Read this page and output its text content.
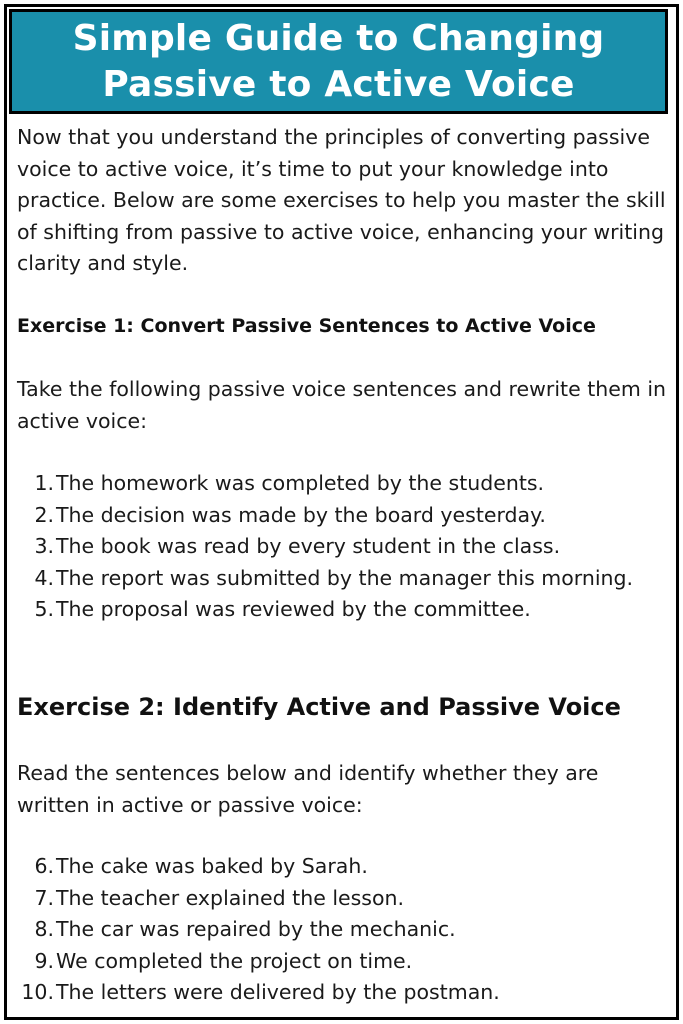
Simple Guide to Changing
Passive to Active Voice

Now that you understand the principles of converting passive voice to active voice, it’s time to put your knowledge into practice. Below are some exercises to help you master the skill of shifting from passive to active voice, enhancing your writing clarity and style.

Exercise 1: Convert Passive Sentences to Active Voice

Take the following passive voice sentences and rewrite them in active voice:

1. The homework was completed by the students.
2. The decision was made by the board yesterday.
3. The book was read by every student in the class.
4. The report was submitted by the manager this morning.
5. The proposal was reviewed by the committee.

Exercise 2: Identify Active and Passive Voice

Read the sentences below and identify whether they are written in active or passive voice:

6. The cake was baked by Sarah.
7. The teacher explained the lesson.
8. The car was repaired by the mechanic.
9. We completed the project on time.
10. The letters were delivered by the postman.
